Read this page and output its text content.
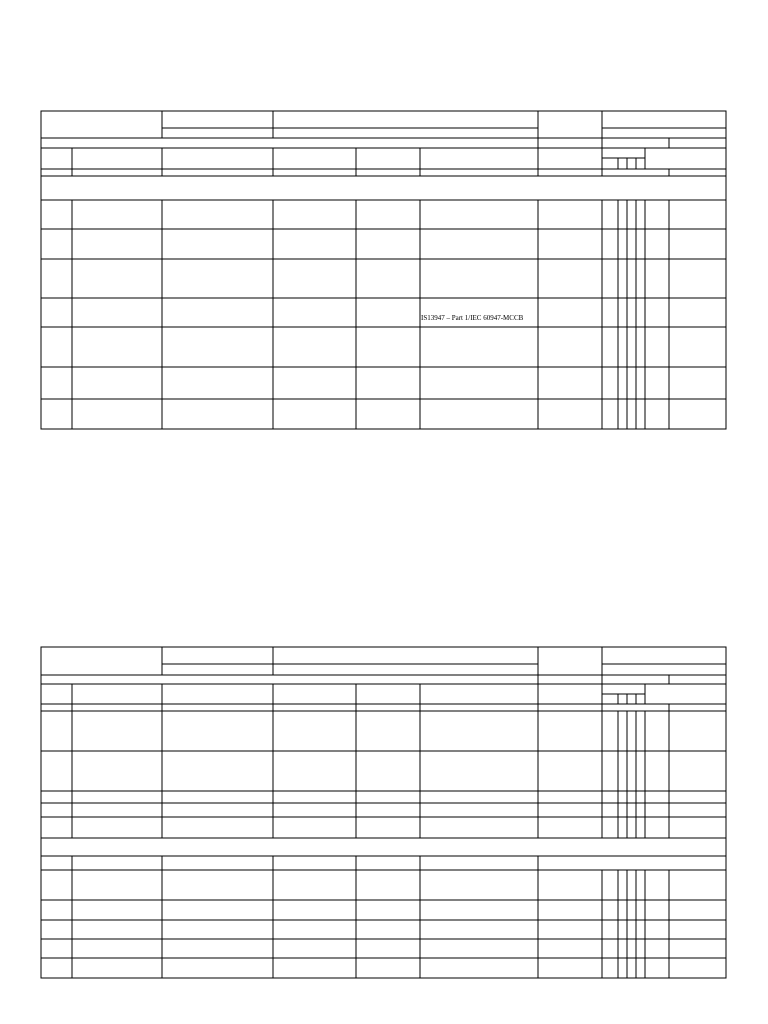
IS13947 – Part 1/IEC 60947-MCCB
